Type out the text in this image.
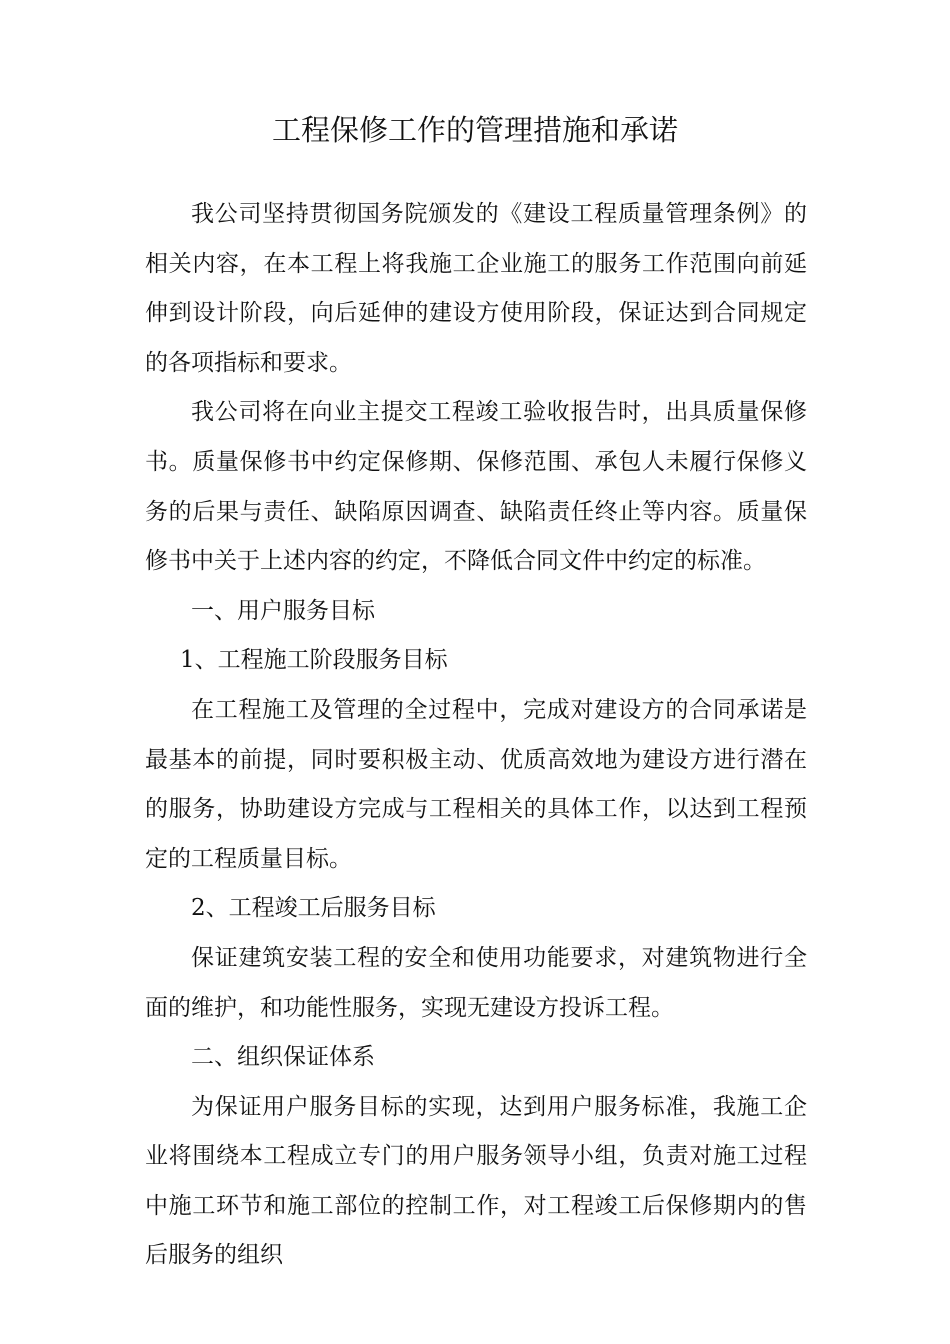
工程保修工作的管理措施和承诺

我公司坚持贯彻国务院颁发的《建设工程质量管理条例》的相关内容，在本工程上将我施工企业施工的服务工作范围向前延伸到设计阶段，向后延伸的建设方使用阶段，保证达到合同规定的各项指标和要求。

我公司将在向业主提交工程竣工验收报告时，出具质量保修书。质量保修书中约定保修期、保修范围、承包人未履行保修义务的后果与责任、缺陷原因调查、缺陷责任终止等内容。质量保修书中关于上述内容的约定，不降低合同文件中约定的标准。

一、用户服务目标

1、工程施工阶段服务目标

在工程施工及管理的全过程中，完成对建设方的合同承诺是最基本的前提，同时要积极主动、优质高效地为建设方进行潜在的服务，协助建设方完成与工程相关的具体工作，以达到工程预定的工程质量目标。

2、工程竣工后服务目标

保证建筑安装工程的安全和使用功能要求，对建筑物进行全面的维护，和功能性服务，实现无建设方投诉工程。

二、组织保证体系

为保证用户服务目标的实现，达到用户服务标准，我施工企业将围绕本工程成立专门的用户服务领导小组，负责对施工过程中施工环节和施工部位的控制工作，对工程竣工后保修期内的售后服务的组织
